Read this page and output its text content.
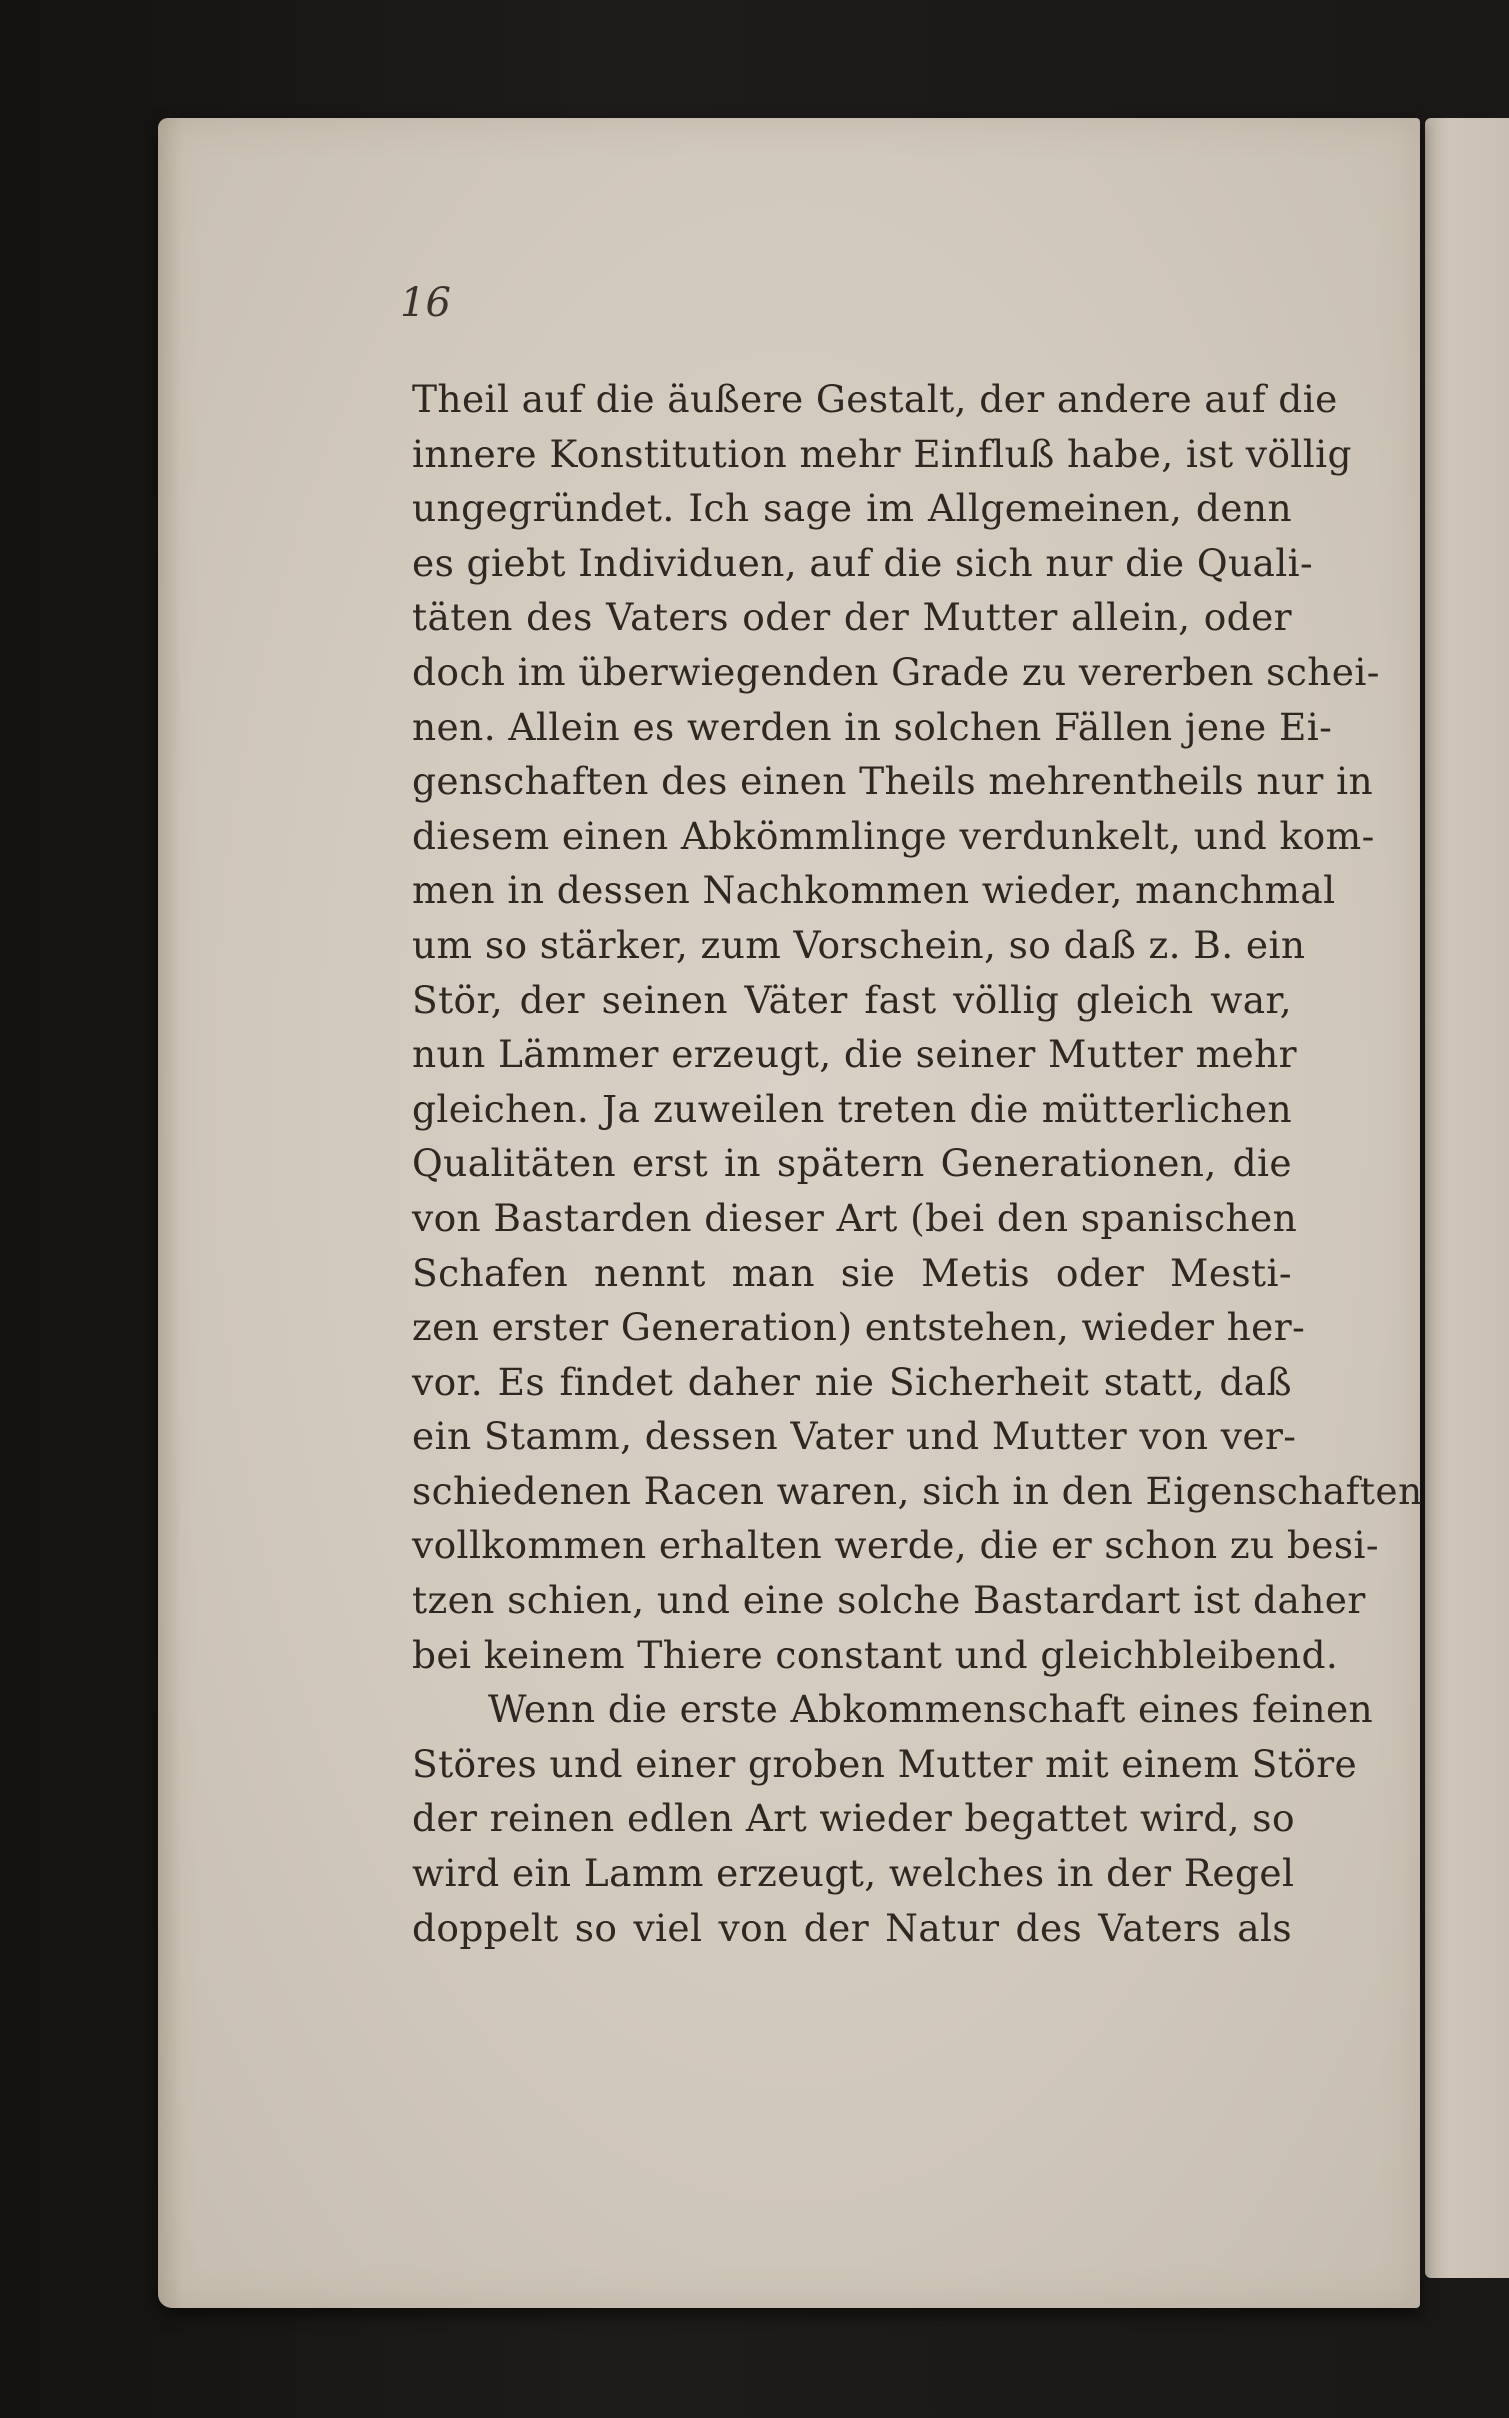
16
Theil auf die äußere Gestalt, der andere auf die
innere Konstitution mehr Einfluß habe, ist völlig
ungegründet. Ich sage im Allgemeinen, denn
es giebt Individuen, auf die sich nur die Quali-
täten des Vaters oder der Mutter allein, oder
doch im überwiegenden Grade zu vererben schei-
nen. Allein es werden in solchen Fällen jene Ei-
genschaften des einen Theils mehrentheils nur in
diesem einen Abkömmlinge verdunkelt, und kom-
men in dessen Nachkommen wieder, manchmal
um so stärker, zum Vorschein, so daß z. B. ein
Stör, der seinen Väter fast völlig gleich war,
nun Lämmer erzeugt, die seiner Mutter mehr
gleichen. Ja zuweilen treten die mütterlichen
Qualitäten erst in spätern Generationen, die
von Bastarden dieser Art (bei den spanischen
Schafen nennt man sie Metis oder Mesti-
zen erster Generation) entstehen, wieder her-
vor. Es findet daher nie Sicherheit statt, daß
ein Stamm, dessen Vater und Mutter von ver-
schiedenen Racen waren, sich in den Eigenschaften
vollkommen erhalten werde, die er schon zu besi-
tzen schien, und eine solche Bastardart ist daher
bei keinem Thiere constant und gleichbleibend.
Wenn die erste Abkommenschaft eines feinen
Störes und einer groben Mutter mit einem Störe
der reinen edlen Art wieder begattet wird, so
wird ein Lamm erzeugt, welches in der Regel
doppelt so viel von der Natur des Vaters als
